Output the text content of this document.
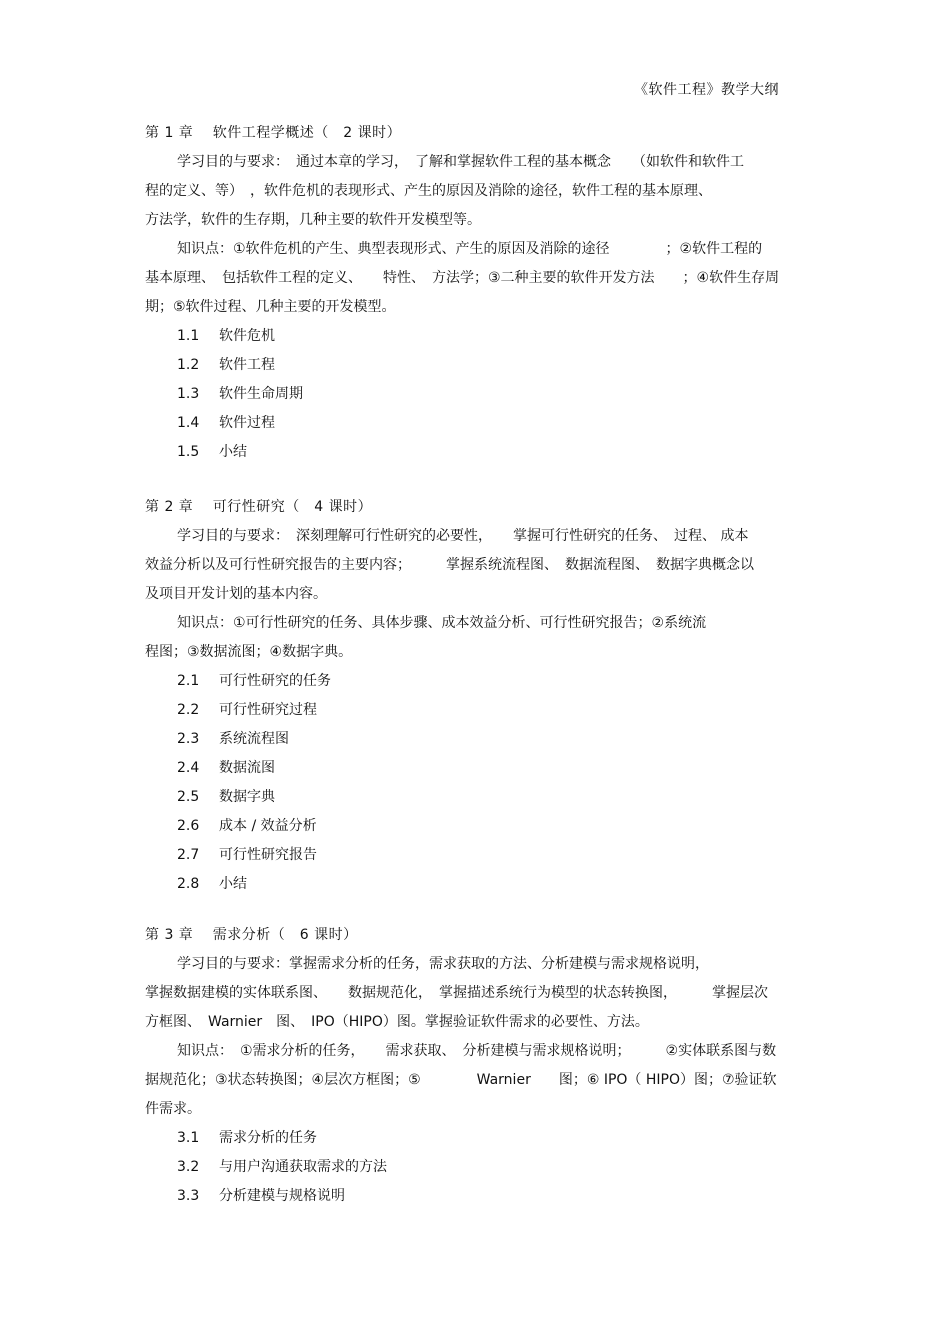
《软件工程》教学大纲
第 1 章　 软件工程学概述（　2 课时）
学习目的与要求：　通过本章的学习，　了解和掌握软件工程的基本概念　　（如软件和软件工
程的定义、等）　，软件危机的表现形式、产生的原因及消除的途径，软件工程的基本原理、
方法学，软件的生存期，几种主要的软件开发模型等。
知识点：①软件危机的产生、典型表现形式、产生的原因及消除的途径　　　　；②软件工程的
基本原理、　包括软件工程的定义、　　特性、　方法学；③二种主要的软件开发方法　　；④软件生存周
期；⑤软件过程、几种主要的开发模型。
1.1 软件危机
1.2 软件工程
1.3 软件生命周期
1.4 软件过程
1.5 小结
第 2 章　 可行性研究（　4 课时）
学习目的与要求：　深刻理解可行性研究的必要性，　　掌握可行性研究的任务、　过程、 成本
效益分析以及可行性研究报告的主要内容；　　　掌握系统流程图、　数据流程图、　数据字典概念以
及项目开发计划的基本内容。
知识点：①可行性研究的任务、具体步骤、成本效益分析、可行性研究报告；②系统流
程图；③数据流图；④数据字典。
2.1 可行性研究的任务
2.2 可行性研究过程
2.3 系统流程图
2.4 数据流图
2.5 数据字典
2.6 成本 / 效益分析
2.7 可行性研究报告
2.8 小结
第 3 章　 需求分析（　6 课时）
学习目的与要求：掌握需求分析的任务，需求获取的方法、分析建模与需求规格说明，
掌握数据建模的实体联系图、　　数据规范化，　掌握描述系统行为模型的状态转换图，　　　掌握层次
方框图、　Warnier　图、　IPO（HIPO）图。掌握验证软件需求的必要性、方法。
知识点：　①需求分析的任务，　　需求获取、　分析建模与需求规格说明；　　　②实体联系图与数
据规范化；③状态转换图；④层次方框图；⑤　　　　Warnier　　图；⑥ IPO（ HIPO）图；⑦验证软
件需求。
3.1 需求分析的任务
3.2 与用户沟通获取需求的方法
3.3 分析建模与规格说明
